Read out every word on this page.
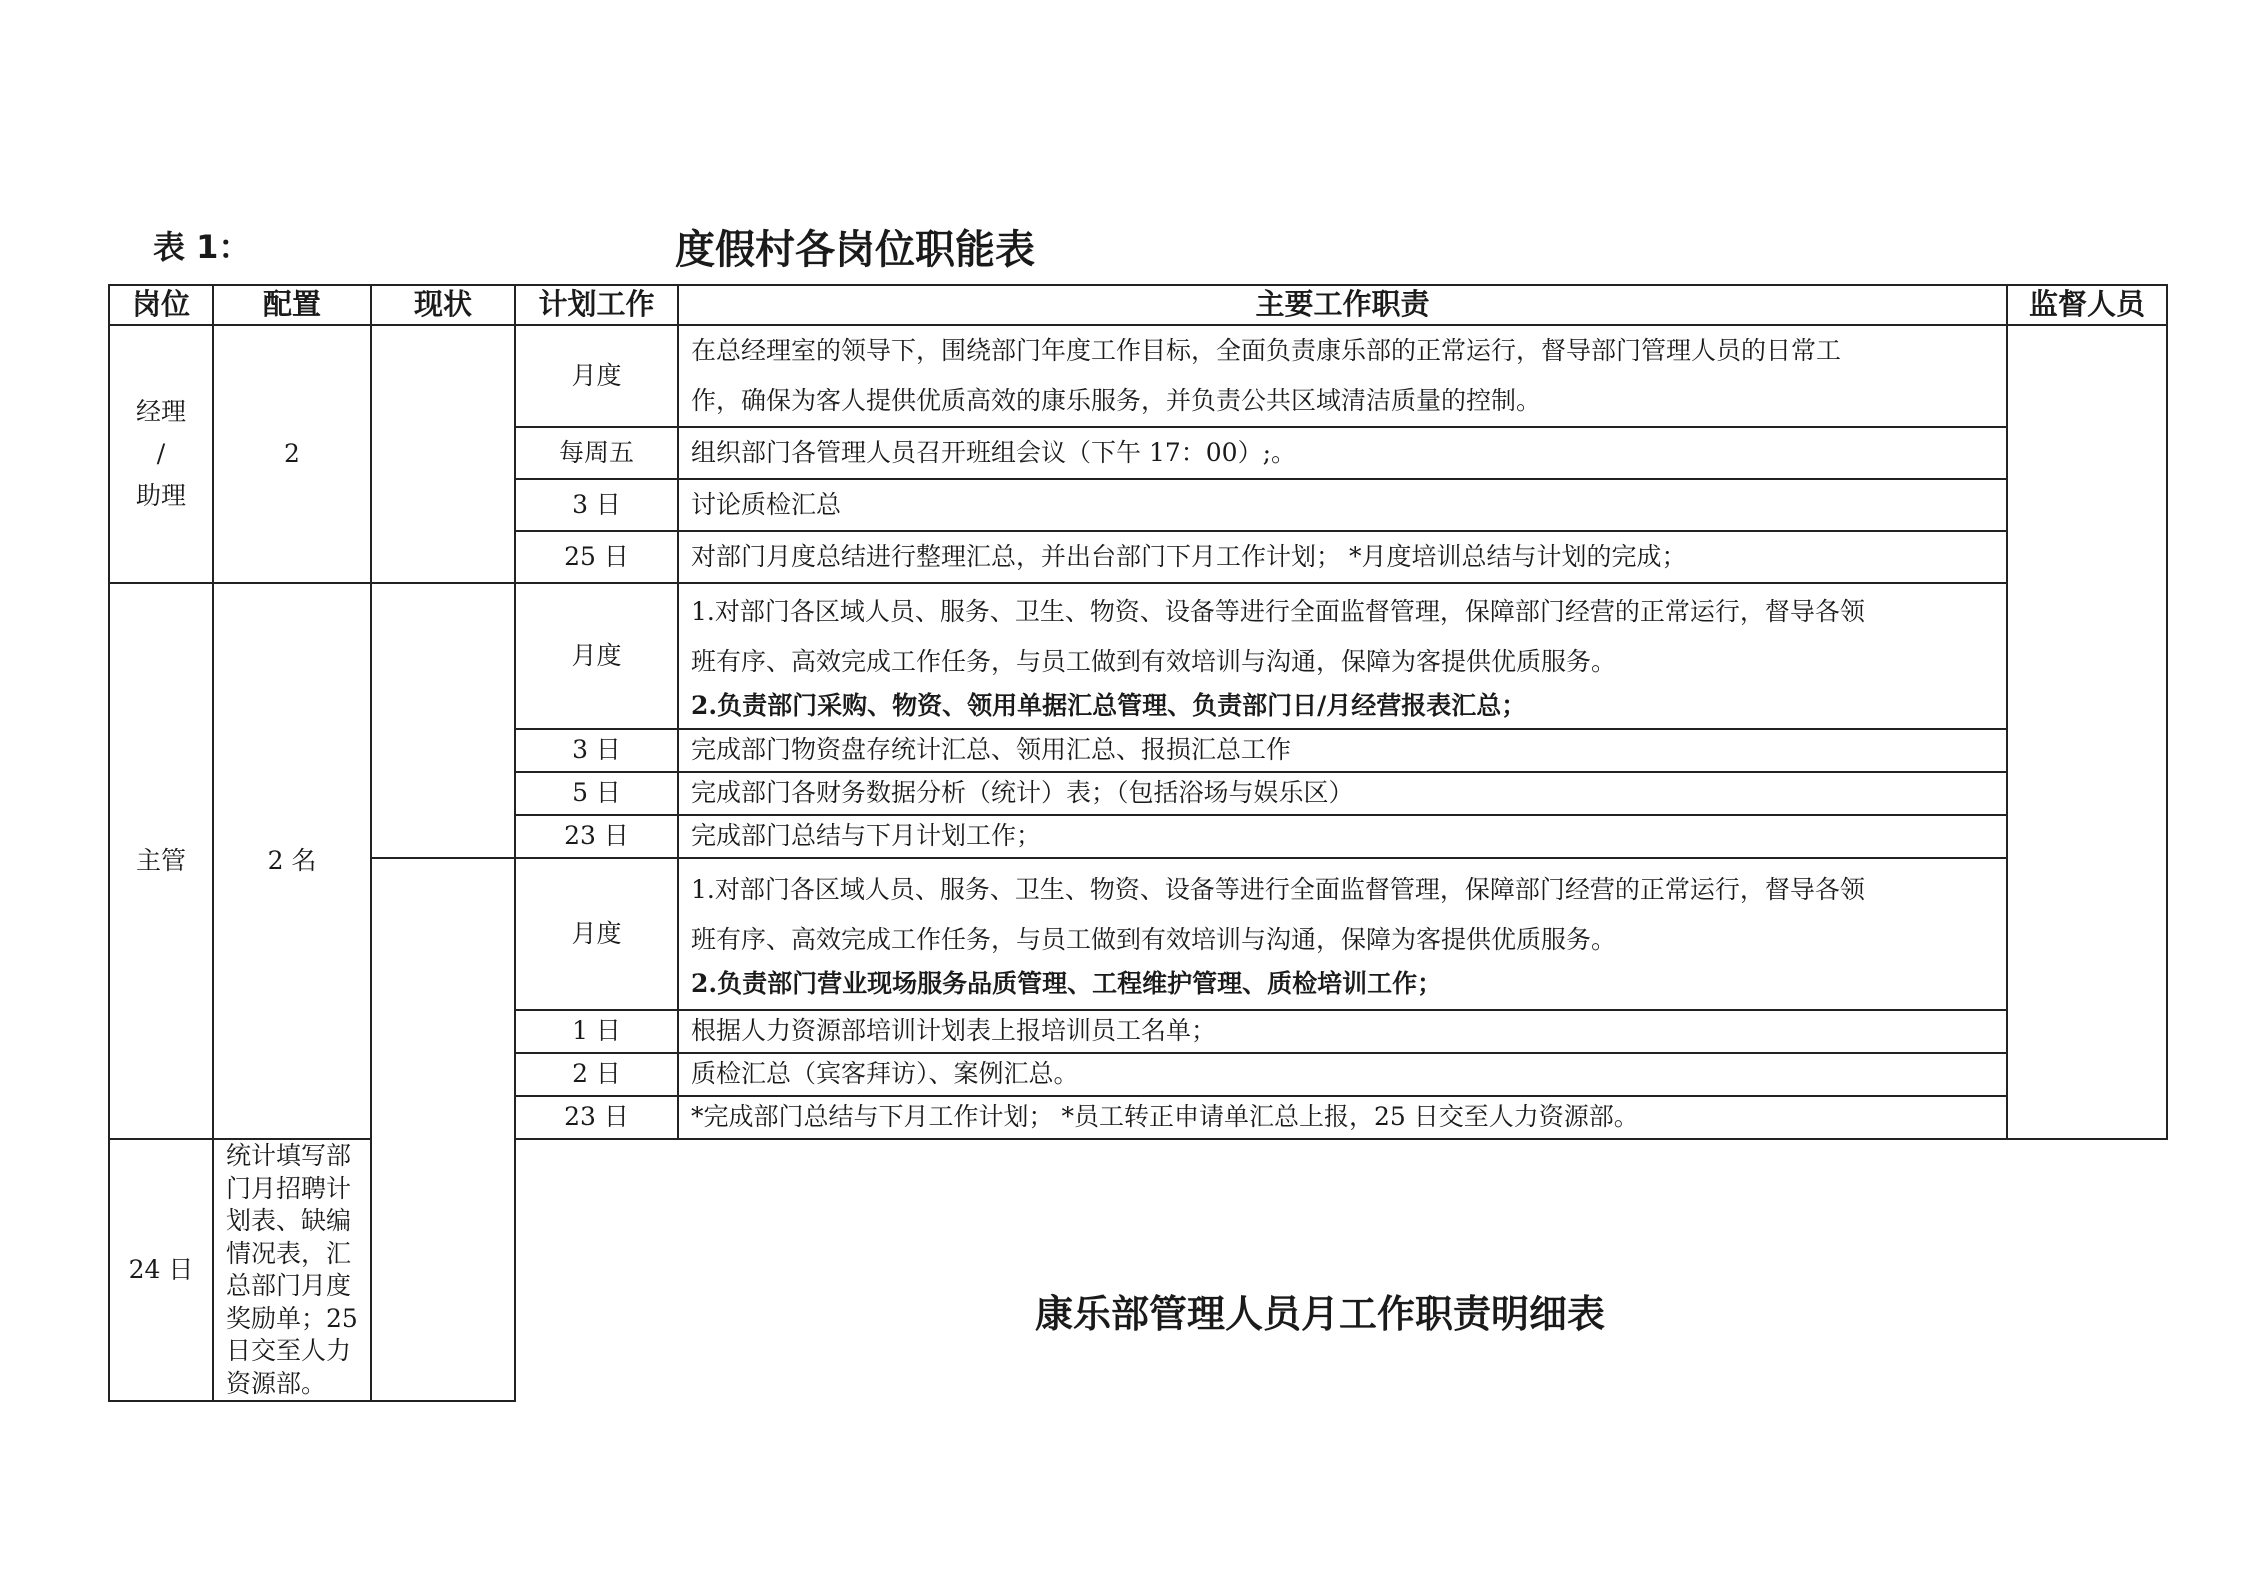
表 1：	度假村各岗位职能表
岗位	配置	现状	计划工作	主要工作职责	监督人员

经理
/
助理	2		月度	在总经理室的领导下，围绕部门年度工作目标，全面负责康乐部的正常运行，督导部门管理人员的日常工
作，确保为客人提供优质高效的康乐服务，并负责公共区域清洁质量的控制。	

			每周五	组织部门各管理人员召开班组会议（下午 17：00）;。	
			3 日	讨论质检汇总	
			25 日	对部门月度总结进行整理汇总，并出台部门下月工作计划； *月度培训总结与计划的完成；	
主管	2 名		月度	1.对部门各区域人员、服务、卫生、物资、设备等进行全面监督管理，保障部门经营的正常运行，督导各领
班有序、高效完成工作任务，与员工做到有效培训与沟通，保障为客提供优质服务。
2.负责部门采购、物资、领用单据汇总管理、负责部门日/月经营报表汇总；	

			3 日	完成部门物资盘存统计汇总、领用汇总、报损汇总工作	
			5 日	完成部门各财务数据分析（统计）表；（包括浴场与娱乐区）	
			23 日	完成部门总结与下月计划工作；	
			月度	1.对部门各区域人员、服务、卫生、物资、设备等进行全面监督管理，保障部门经营的正常运行，督导各领
班有序、高效完成工作任务，与员工做到有效培训与沟通，保障为客提供优质服务。
2.负责部门营业现场服务品质管理、工程维护管理、质检培训工作；	

			1 日	根据人力资源部培训计划表上报培训员工名单；	
			2 日	质检汇总（宾客拜访）、案例汇总。	
			23 日	*完成部门总结与下月工作计划； *员工转正申请单汇总上报，25 日交至人力资源部。	
24 日	统计填写部门月招聘计划表、缺编情况表，汇总部门月度奖励单；25 日交至人力资源部。				
康乐部管理人员月工作职责明细表
